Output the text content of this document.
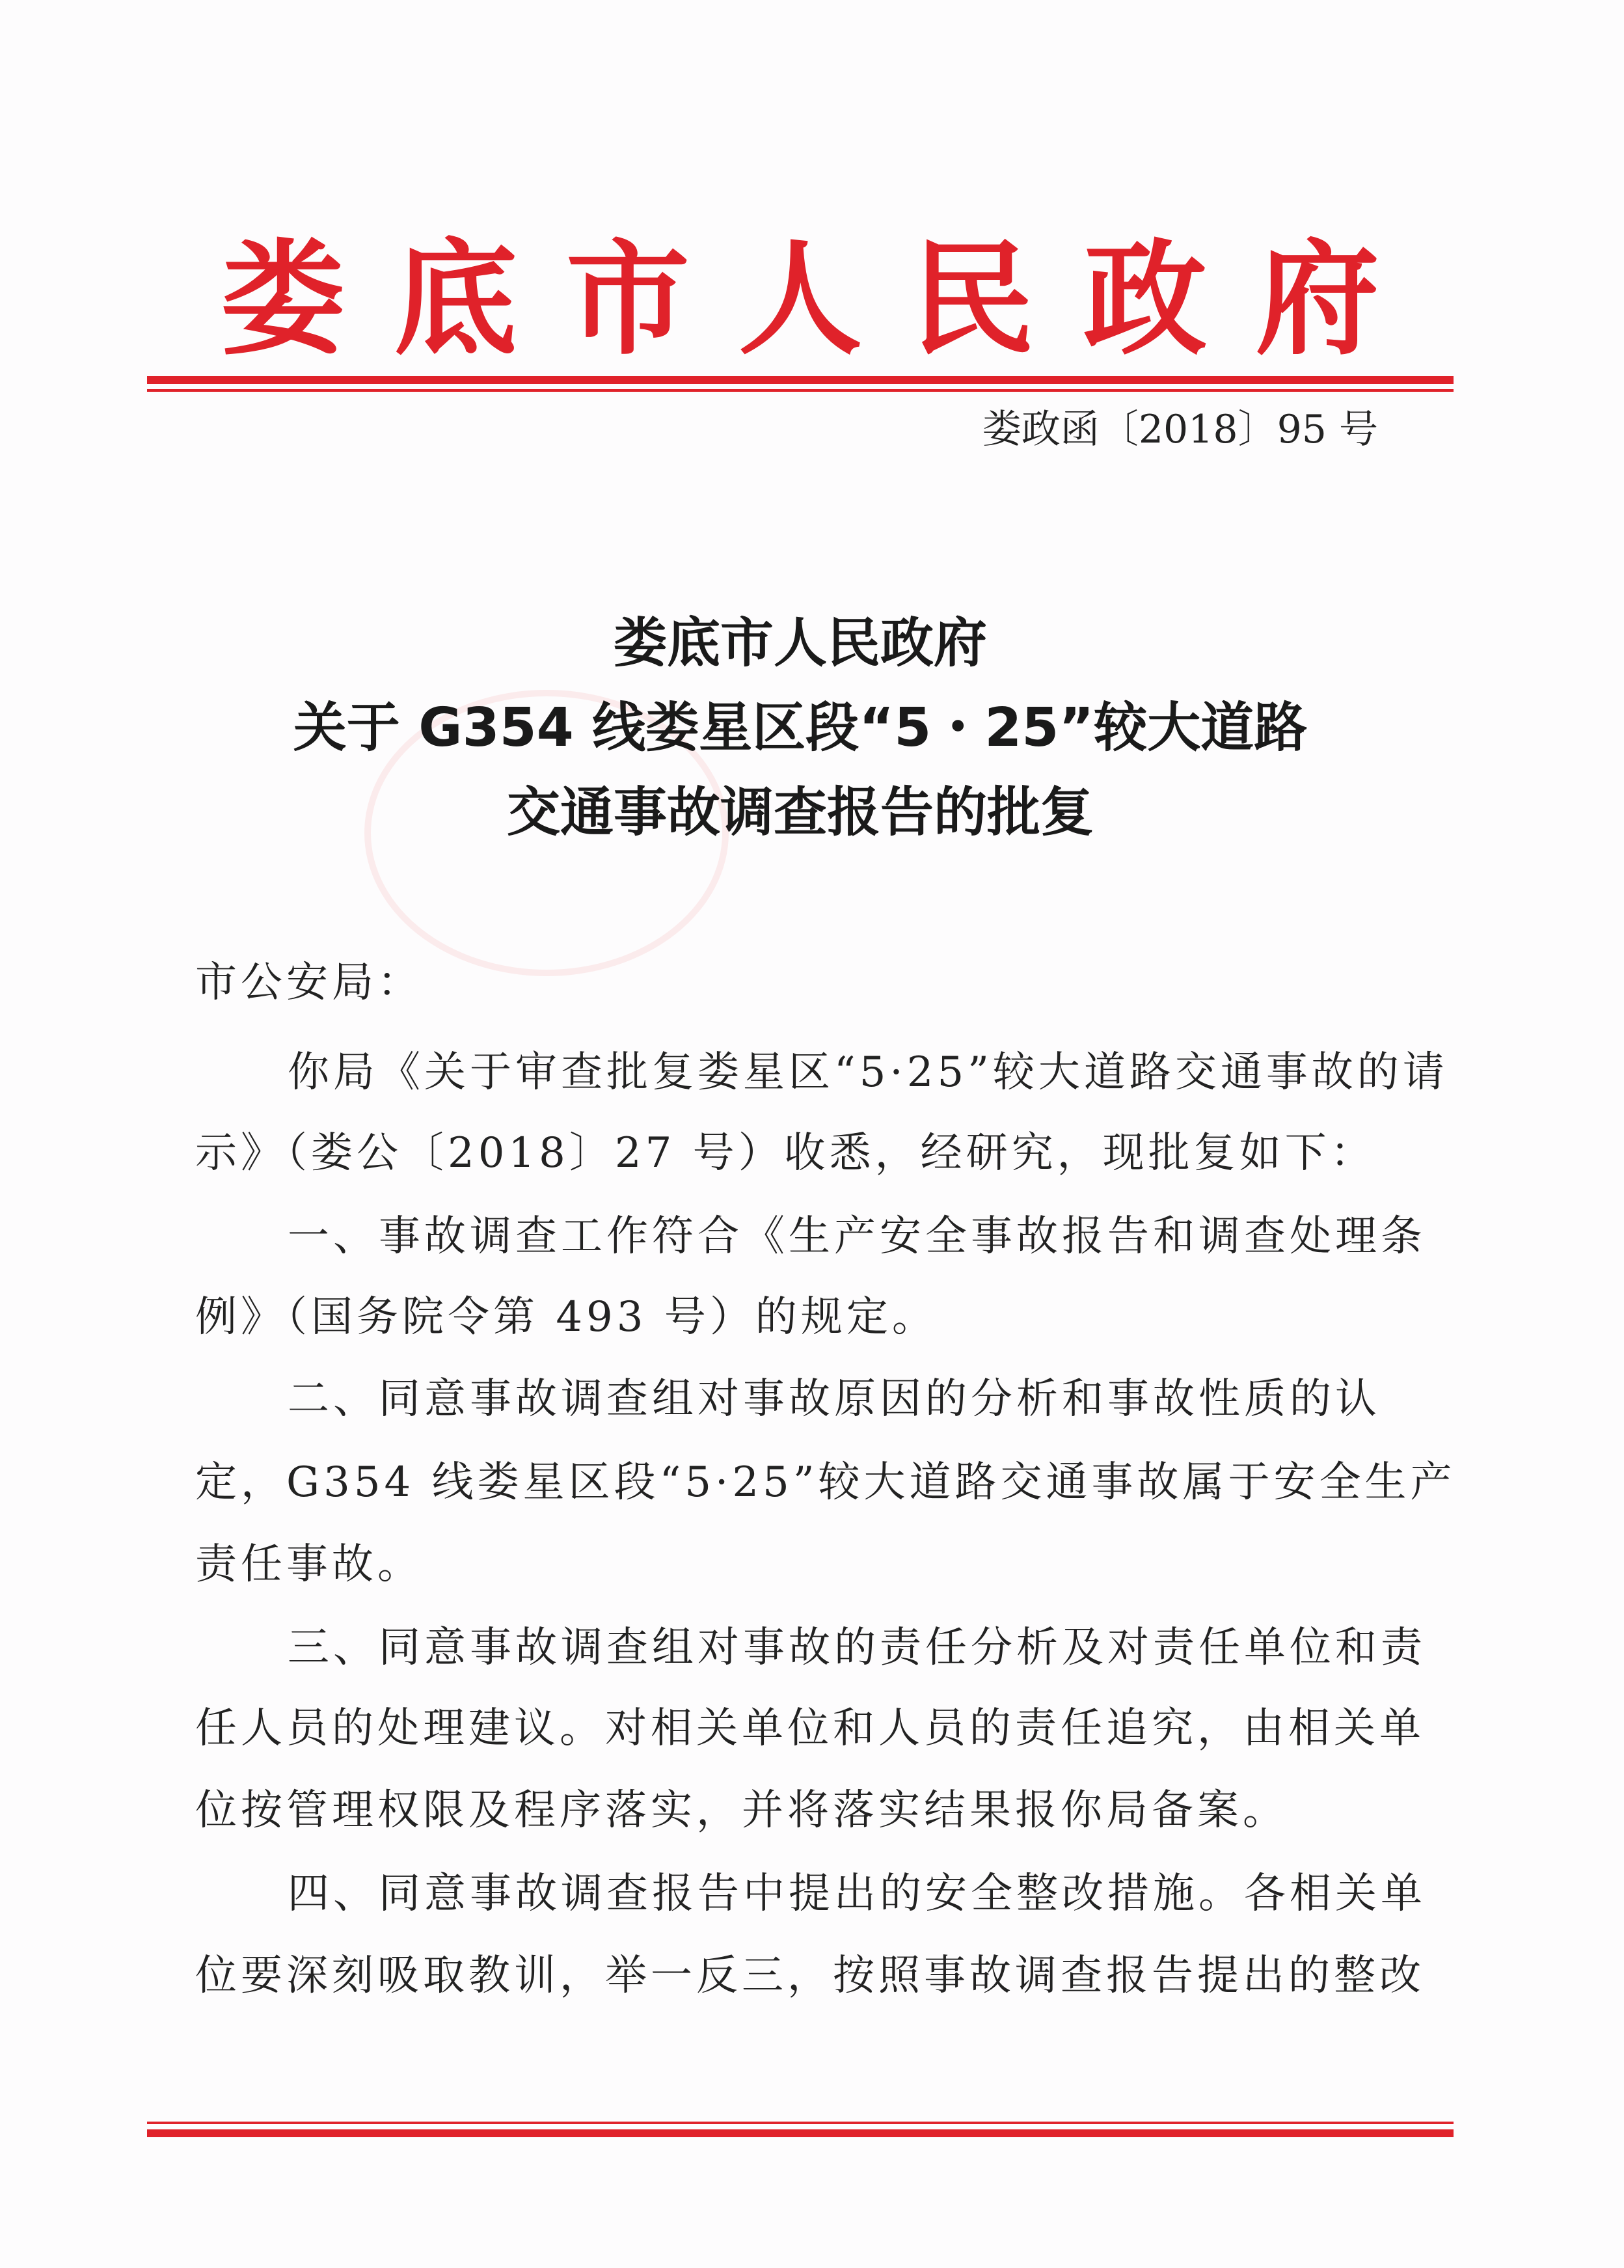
娄 底 市 人 民 政 府
娄政函〔2018〕95 号
娄底市人民政府
关于 G354 线娄星区段“5・25”较大道路
交通事故调查报告的批复
市公安局：
你局《关于审查批复娄星区“5·25”较大道路交通事故的请
示》（娄公〔2018〕27 号）收悉，经研究，现批复如下：
一、事故调查工作符合《生产安全事故报告和调查处理条
例》（国务院令第 493 号）的规定。
二、同意事故调查组对事故原因的分析和事故性质的认
定，G354 线娄星区段“5·25”较大道路交通事故属于安全生产
责任事故。
三、同意事故调查组对事故的责任分析及对责任单位和责
任人员的处理建议。对相关单位和人员的责任追究，由相关单
位按管理权限及程序落实，并将落实结果报你局备案。
四、同意事故调查报告中提出的安全整改措施。各相关单
位要深刻吸取教训，举一反三，按照事故调查报告提出的整改
